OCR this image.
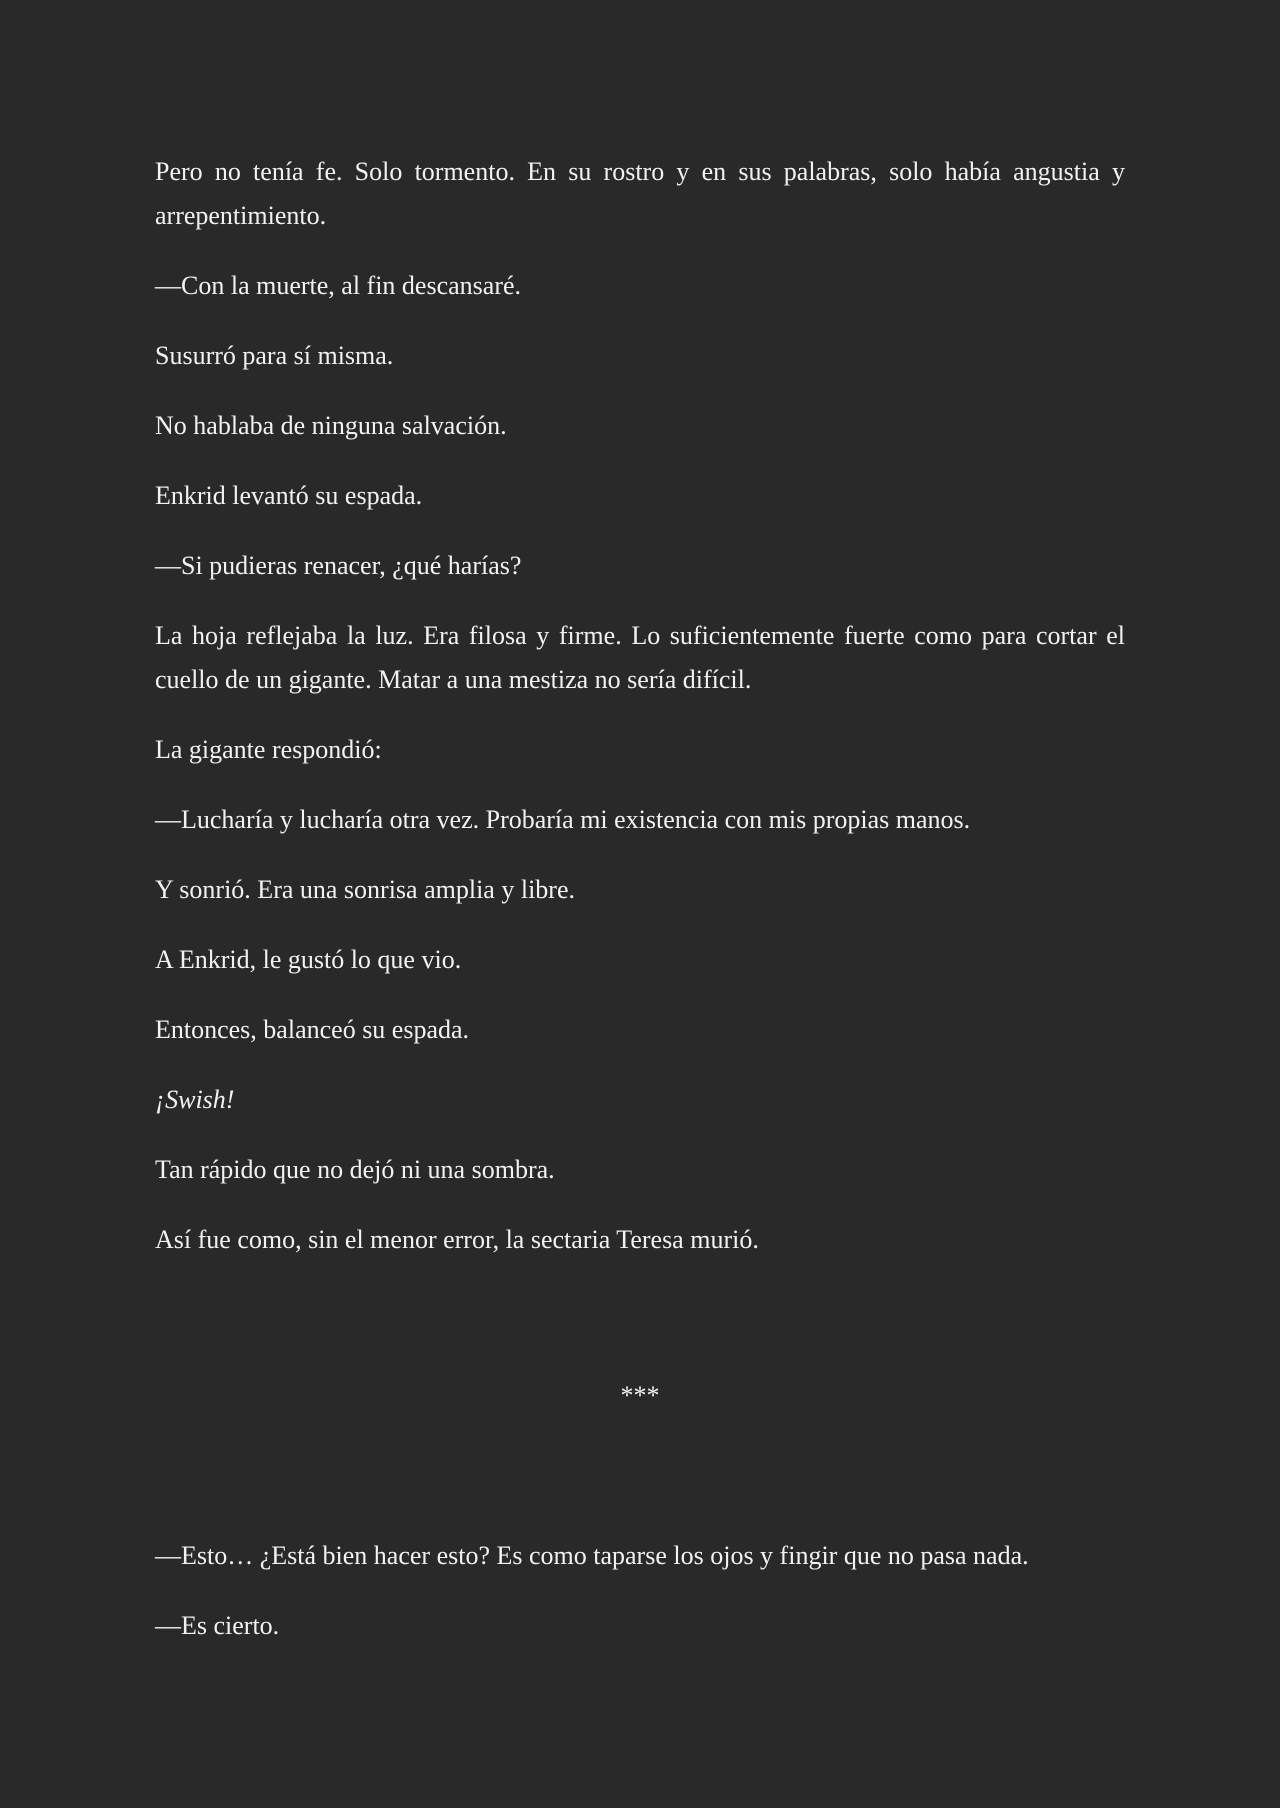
Pero no tenía fe. Solo tormento. En su rostro y en sus palabras, solo había angustia y arrepentimiento.

—Con la muerte, al fin descansaré.

Susurró para sí misma.

No hablaba de ninguna salvación.

Enkrid levantó su espada.

—Si pudieras renacer, ¿qué harías?

La hoja reflejaba la luz. Era filosa y firme. Lo suficientemente fuerte como para cortar el cuello de un gigante. Matar a una mestiza no sería difícil.

La gigante respondió:

—Lucharía y lucharía otra vez. Probaría mi existencia con mis propias manos.

Y sonrió. Era una sonrisa amplia y libre.

A Enkrid, le gustó lo que vio.

Entonces, balanceó su espada.

¡Swish!

Tan rápido que no dejó ni una sombra.

Así fue como, sin el menor error, la sectaria Teresa murió.

***

—Esto… ¿Está bien hacer esto? Es como taparse los ojos y fingir que no pasa nada.

—Es cierto.
